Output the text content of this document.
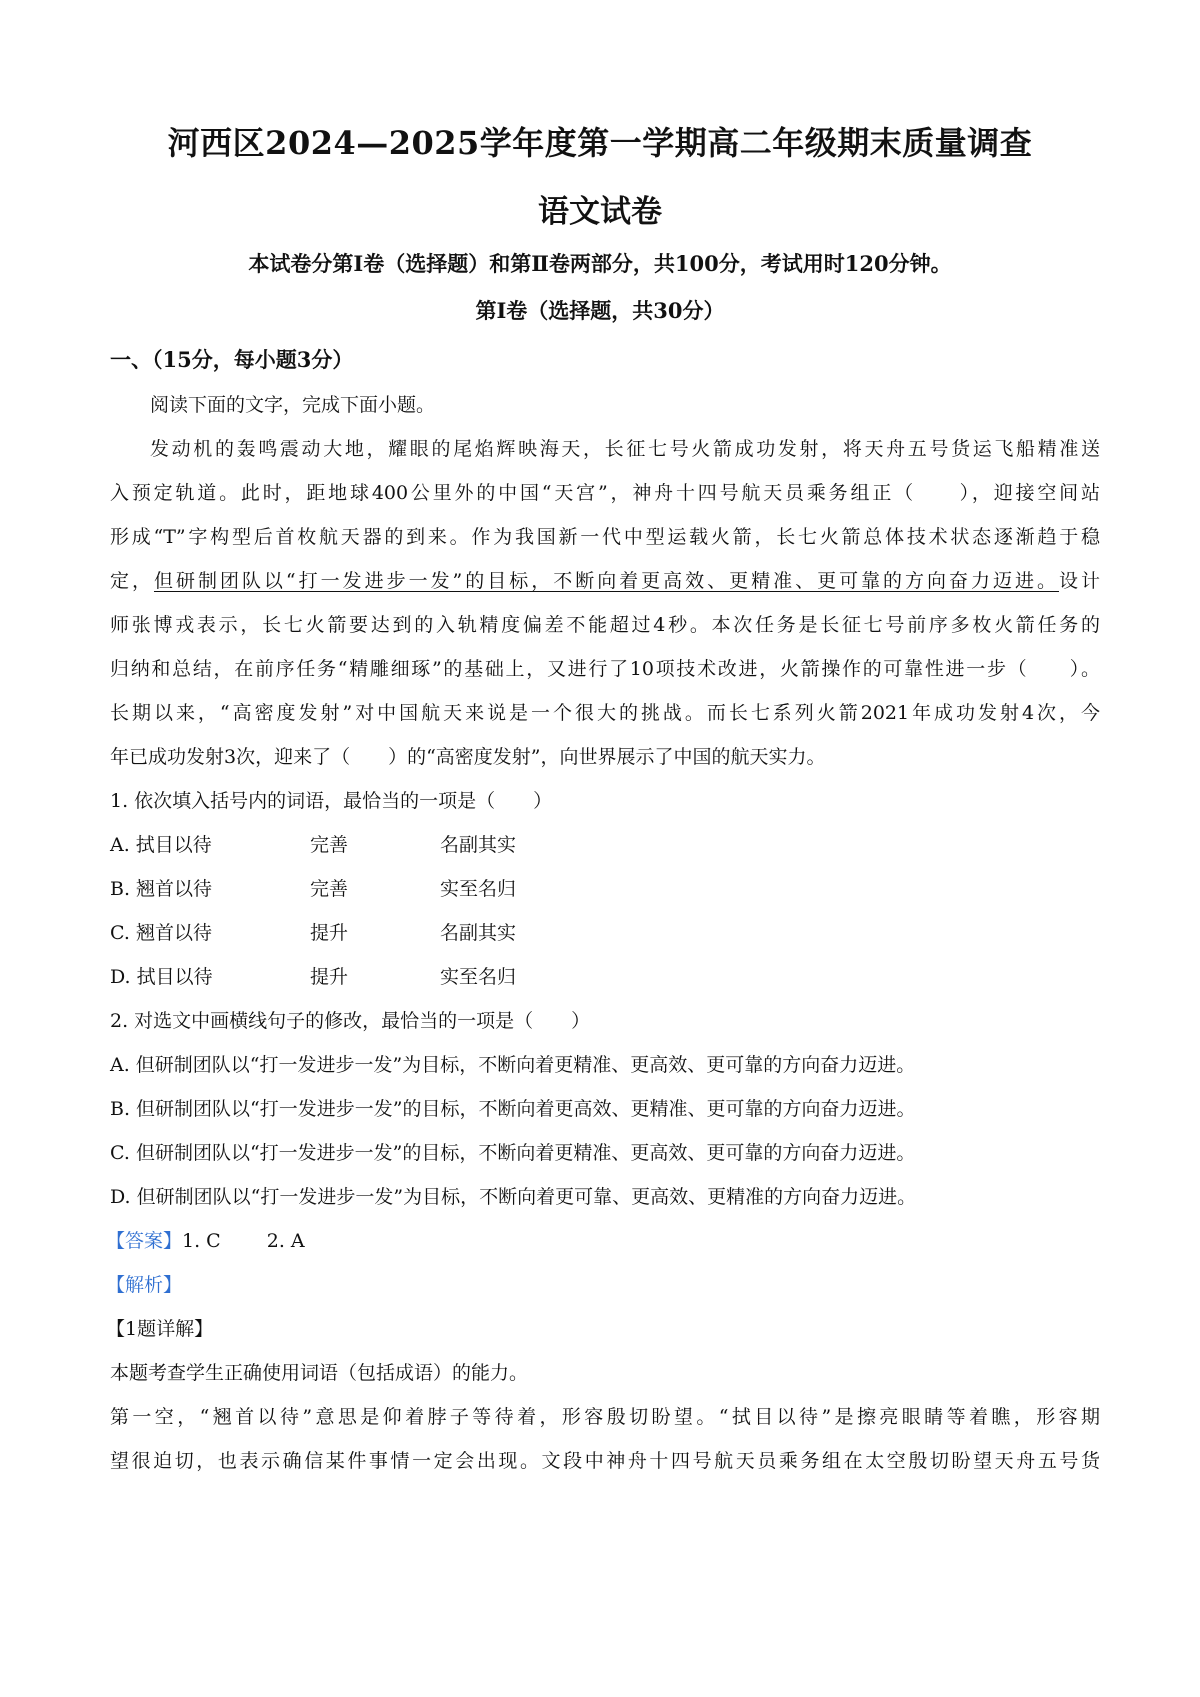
河西区2024—2025学年度第一学期高二年级期末质量调查
语文试卷
本试卷分第Ⅰ卷（选择题）和第Ⅱ卷两部分，共100分，考试用时120分钟。
第Ⅰ卷（选择题，共30分）
一、（15分，每小题3分）
阅读下面的文字，完成下面小题。
发动机的轰鸣震动大地，耀眼的尾焰辉映海天，长征七号火箭成功发射，将天舟五号货运飞船精准送
入预定轨道。此时，距地球400公里外的中国“天宫”，神舟十四号航天员乘务组正（　　），迎接空间站
形成“T”字构型后首枚航天器的到来。作为我国新一代中型运载火箭，长七火箭总体技术状态逐渐趋于稳
定，但研制团队以“打一发进步一发”的目标，不断向着更高效、更精准、更可靠的方向奋力迈进。设计
师张博戎表示，长七火箭要达到的入轨精度偏差不能超过4秒。本次任务是长征七号前序多枚火箭任务的
归纳和总结，在前序任务“精雕细琢”的基础上，又进行了10项技术改进，火箭操作的可靠性进一步（　　）。
长期以来，“高密度发射”对中国航天来说是一个很大的挑战。而长七系列火箭2021年成功发射4次，今
年已成功发射3次，迎来了（　　）的“高密度发射”，向世界展示了中国的航天实力。
1. 依次填入括号内的词语，最恰当的一项是（　　）
A. 拭目以待	完善	名副其实
B. 翘首以待	完善	实至名归
C. 翘首以待	提升	名副其实
D. 拭目以待	提升	实至名归
2. 对选文中画横线句子的修改，最恰当的一项是（　　）
A. 但研制团队以“打一发进步一发”为目标，不断向着更精准、更高效、更可靠的方向奋力迈进。
B. 但研制团队以“打一发进步一发”的目标，不断向着更高效、更精准、更可靠的方向奋力迈进。
C. 但研制团队以“打一发进步一发”的目标，不断向着更精准、更高效、更可靠的方向奋力迈进。
D. 但研制团队以“打一发进步一发”为目标，不断向着更可靠、更高效、更精准的方向奋力迈进。
【答案】1. C 2. A
【解析】
【1题详解】
本题考查学生正确使用词语（包括成语）的能力。
第一空，“翘首以待”意思是仰着脖子等待着，形容殷切盼望。“拭目以待”是擦亮眼睛等着瞧，形容期
望很迫切，也表示确信某件事情一定会出现。文段中神舟十四号航天员乘务组在太空殷切盼望天舟五号货
